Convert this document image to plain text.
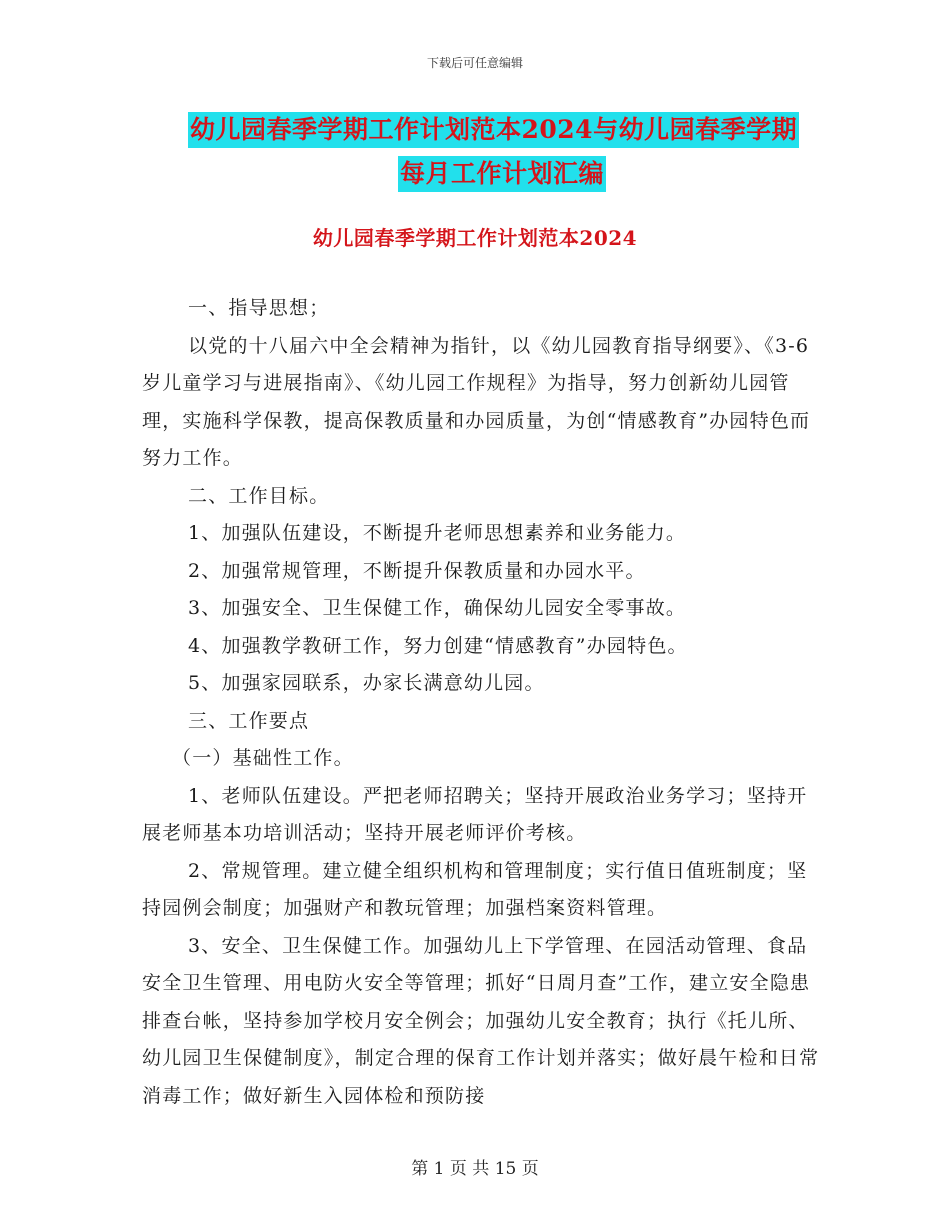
下载后可任意编辑
幼儿园春季学期工作计划范本2024与幼儿园春季学期
每月工作计划汇编
幼儿园春季学期工作计划范本2024

一、指导思想；

以党的十八届六中全会精神为指针，以《幼儿园教育指导纲要》、《3-6岁儿童学习与进展指南》、《幼儿园工作规程》为指导，努力创新幼儿园管理，实施科学保教，提高保教质量和办园质量，为创“情感教育”办园特色而努力工作。

二、工作目标。

1、加强队伍建设，不断提升老师思想素养和业务能力。

2、加强常规管理，不断提升保教质量和办园水平。

3、加强安全、卫生保健工作，确保幼儿园安全零事故。

4、加强教学教研工作，努力创建“情感教育”办园特色。

5、加强家园联系，办家长满意幼儿园。

三、工作要点

（一）基础性工作。

1、老师队伍建设。严把老师招聘关；坚持开展政治业务学习；坚持开展老师基本功培训活动；坚持开展老师评价考核。

2、常规管理。建立健全组织机构和管理制度；实行值日值班制度；坚持园例会制度；加强财产和教玩管理；加强档案资料管理。

3、安全、卫生保健工作。加强幼儿上下学管理、在园活动管理、食品安全卫生管理、用电防火安全等管理；抓好“日周月查”工作，建立安全隐患排查台帐，坚持参加学校月安全例会；加强幼儿安全教育；执行《托儿所、幼儿园卫生保健制度》，制定合理的保育工作计划并落实；做好晨午检和日常消毒工作；做好新生入园体检和预防接

第 1 页 共 15 页
